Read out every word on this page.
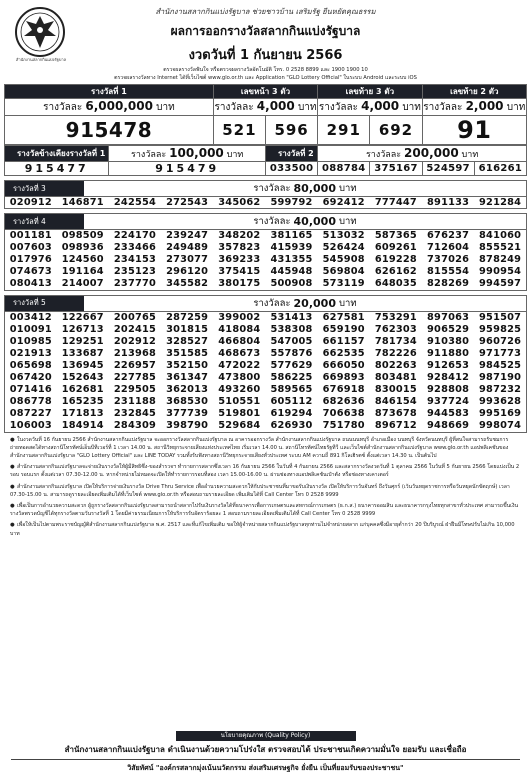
สำนักงานสลากกินแบ่งรัฐบาล
สำนักงานสลากกินแบ่งรัฐบาล ช่วยชาวบ้าน เสริมรัฐ ยืนหยัดคุณธรรม
ผลการออกรางวัลสลากกินแบ่งรัฐบาล
งวดวันที่ 1 กันยายน 2566
ตรวจผลรางวัลฟันใจ หรือตรวจผลรางวัลอัตโนมัติ โทร. 0 2528 8899 และ 1900 1900 10
ตรวจผลรางวัลทาง Internet ได้ที่เว็บไซต์ www.glo.or.th และ Application "GLO Lottery Official" ในระบบ Android และระบบ iOS
รางวัลที่ 1	เลขหน้า 3 ตัว		เลขท้าย 3 ตัว		เลขท้าย 2 ตัว
รางวัลละ 6,000,000 บาท	รางวัลละ 4,000 บาท		รางวัลละ 4,000 บาท		รางวัลละ 2,000 บาท
915478	521	596	291	692	91
รางวัลข้างเคียงรางวัลที่ 1	รางวัลละ 100,000 บาท	รางวัลที่ 2	รางวัลละ 200,000 บาท			
915477	915479	033500	088784	375167	524597	616261
รางวัลที่ 3	รางวัลละ
80,000
บาท
020912	146871	242554	272543	345062	599792	692412	777447	891133	921284
รางวัลที่ 4	รางวัลละ
40,000
บาท
001181	098509	224170	239247	348202	381165	513032	587365	676237	841060
007603	098936	233466	249489	357823	415939	526424	609261	712604	855521
017976	124560	234153	273077	369233	431355	545908	619228	737026	878249
074673	191164	235123	296120	375415	445948	569804	626162	815554	990954
080413	214007	237770	345582	380175	500908	573119	648035	828269	994597
รางวัลที่ 5	รางวัลละ
20,000
บาท
003412	122667	200765	287259	399002	531413	627581	753291	897063	951507
010091	126713	202415	301815	418084	538308	659190	762303	906529	959825
010985	129251	202912	328527	466804	547005	661157	781734	910380	960726
021913	133687	213968	351585	468673	557876	662535	782226	911880	971773
065698	136945	226957	352150	472022	577629	666050	802263	912653	984525
067420	152643	227785	361347	473800	586225	669893	803481	928412	987190
071416	162681	229505	362013	493260	589565	676918	830015	928808	987232
086778	165235	231188	368530	510551	605112	682636	846154	937724	993628
087227	171813	232845	377739	519801	619294	706638	873678	944583	995169
106003	184914	284309	398790	529684	626930	751780	896712	948669	998074
● ในงวดวันที่ 16 กันยายน 2566 สำนักงานสลากกินแบ่งรัฐบาล จะออกรางวัลสลากกินแบ่งรัฐบาล ณ อาคารออกรางวัล สำนักงานสลากกินแบ่งรัฐบาล ถนนนนทบุรี อำเภอเมือง นนทบุรี จังหวัดนนทบุรี ผู้ที่สนใจสามารถรับชมการถ่ายทอดสดได้ทางสถานีโทรทัศน์เอ็นบีทีเวอร์ที่ 1 เวลา 14.00 น. สถานีวิทยุกระจายเสียงแห่งประเทศไทย เริ่มเวลา 14.00 น. สถานีโทรทัศน์ไทยรัฐทีวี และเว็บไซต์สำนักงานสลากกินแบ่งรัฐบาล www.glo.or.th แอปพลิเคชันของสำนักงานสลากกินแบ่งรัฐบาล "GLO Lottery Official" และ LINE TODAY รวมทั้งรับฟังทางสถานีวิทยุกระจายเสียงทั่วประเทศ ระบบ AM ความถี่ 891 กิโลเฮิรตซ์ ตั้งแต่เวลา 14.30 น. เป็นต้นไป
● สำนักงานสลากกินแบ่งรัฐบาลจะจ่ายเงินรางวัลให้ผู้มีสิทธิซึ่ง-ของสำรวจฯ ทำรายการสลากซึ่งเวลา 16 กันยายน 2566 ในวันที่ 4 กันยายน 2566 และสลากรางวัลงวดวันที่ 1 ตุลาคม 2566 ในวันที่ 5 กันยายน 2566 โดยแบ่งเป็น 2 รอบ รอบแรก ตั้งแต่เวลา 07.30-12.00 น. หากจำหน่ายไม่หมดจะเปิดให้ทำรายการรอบที่สอง เวลา 15.00-16.00 น. ผ่านช่องทางแอปพลิเคชันเป๋าตัง หรือช่องทางเคาเตอร์
● สำนักงานสลากกินแบ่งรัฐบาล เปิดให้บริการจ่ายเงินรางวัล Drive Thru Service เพื่ออำนวยความสะดวกให้กับประชาชนที่มาขอรับเงินรางวัล เปิดให้บริการวันจันทร์ ถึงวันศุกร์ (เว้นวันหยุดราชการหรือวันหยุดนักขัตฤกษ์) เวลา 07.30-15.00 น. สามารถดูรายละเอียดเพิ่มเติมได้ที่เว็บไซต์ www.glo.or.th หรือสอบถามรายละเอียด เพิ่มเติมได้ที่ Call Center โทร 0 2528 9999
● เพื่อเป็นการอำนวยความสะดวก ผู้ถูกรางวัลสลากกินแบ่งรัฐบาลสามารถนำสลากไปรับเงินรางวัลได้ที่ธนาคารเพื่อการเกษตรและสหกรณ์การเกษตร (ธ.ก.ส.) ธนาคารออมสิน และธนาคารกรุงไทยทุกสาขาทั่วประเทศ สามารถขึ้นเงินรางวัลพรวดบัญชีได้ทุกรางวัลตามวันรางวัลที่ 1 โดยมีค่าธรรมเนียมการให้บริการรับอัตราร้อยละ 1 สอบถามรายละเอียดเพิ่มเติมได้ที่ Call Center โทร 0 2528 9999
● เพื่อให้เป็นไปตามพระราชบัญญัติสำนักงานสลากกินแบ่งรัฐบาล พ.ศ. 2517 และที่แก้ไขเพิ่มเติม ขอให้ผู้จำหน่ายสลากกินแบ่งรัฐบาลทุกท่านไม่จำหน่ายสลาก แก่บุคคลซึ่งมีอายุต่ำกว่า 20 ปีบริบูรณ์ ฝ่าฝืนมีโทษปรับไม่เกิน 10,000 บาท
นโยบายคุณภาพ (Quality Policy)
สำนักงานสลากกินแบ่งรัฐบาล ดำเนินงานด้วยความโปร่งใส ตรวจสอบได้ ประชาชนเกิดความมั่นใจ ยอมรับ และเชื่อถือ
วิสัยทัศน์ "องค์กรสลากมุ่งเน้นนวัตกรรม ส่งเสริมเศรษฐกิจ ยั่งยืน เป็นที่ยอมรับของประชาชน"
